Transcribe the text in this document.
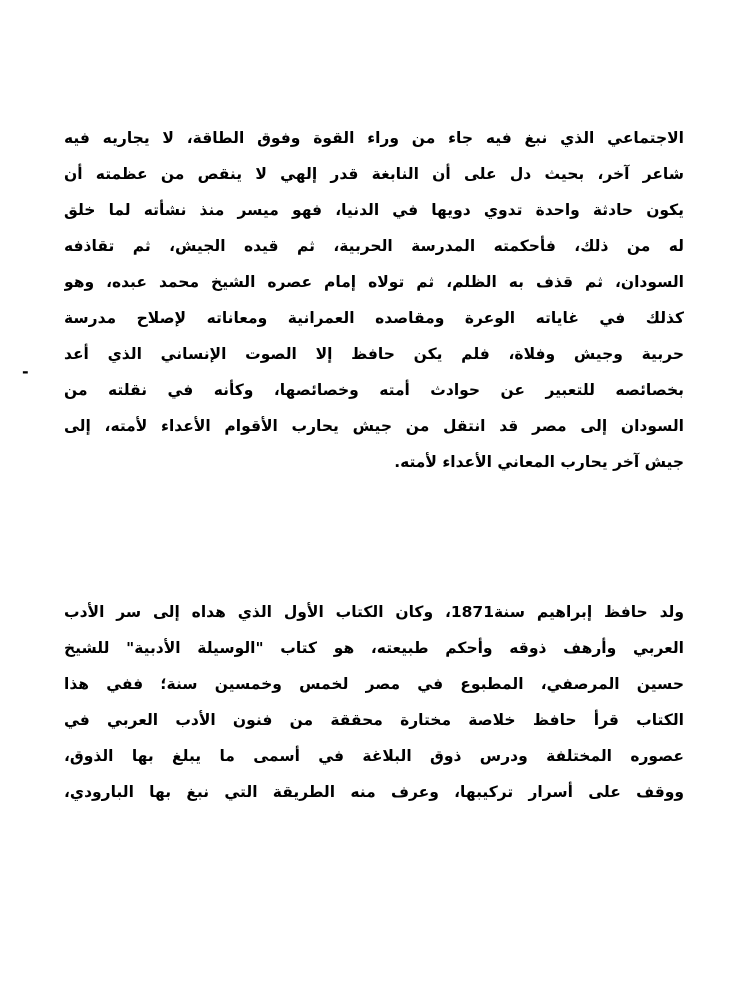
-
الاجتماعي الذي نبغ فيه جاء من وراء القوة وفوق الطاقة، لا يجاريه فيه
شاعر آخر، بحيث دل على أن النابغة قدر إلهي لا ينقص من عظمته أن
يكون حادثة واحدة تدوي دويها في الدنيا، فهو ميسر منذ نشأته لما خلق
له من ذلك، فأحكمته المدرسة الحربية، ثم قيده الجيش، ثم تقاذفه
السودان، ثم قذف به الظلم، ثم تولاه إمام عصره الشيخ محمد عبده، وهو
كذلك في غاياته الوعرة ومقاصده العمرانية ومعاناته لإصلاح مدرسة
حربية وجيش وفلاة، فلم يكن حافظ إلا الصوت الإنساني الذي أعد
بخصائصه للتعبير عن حوادث أمته وخصائصها، وكأنه في نقلته من
السودان إلى مصر قد انتقل من جيش يحارب الأقوام الأعداء لأمته، إلى
جيش آخر يحارب المعاني الأعداء لأمته.
ولد حافظ إبراهيم سنة1871، وكان الكتاب الأول الذي هداه إلى سر الأدب
العربي وأرهف ذوقه وأحكم طبيعته، هو كتاب "الوسيلة الأدبية" للشيخ
حسين المرصفي، المطبوع في مصر لخمس وخمسين سنة؛ ففي هذا
الكتاب قرأ حافظ خلاصة مختارة محققة من فنون الأدب العربي في
عصوره المختلفة ودرس ذوق البلاغة في أسمى ما يبلغ بها الذوق،
ووقف على أسرار تركيبها، وعرف منه الطريقة التي نبغ بها البارودي،
